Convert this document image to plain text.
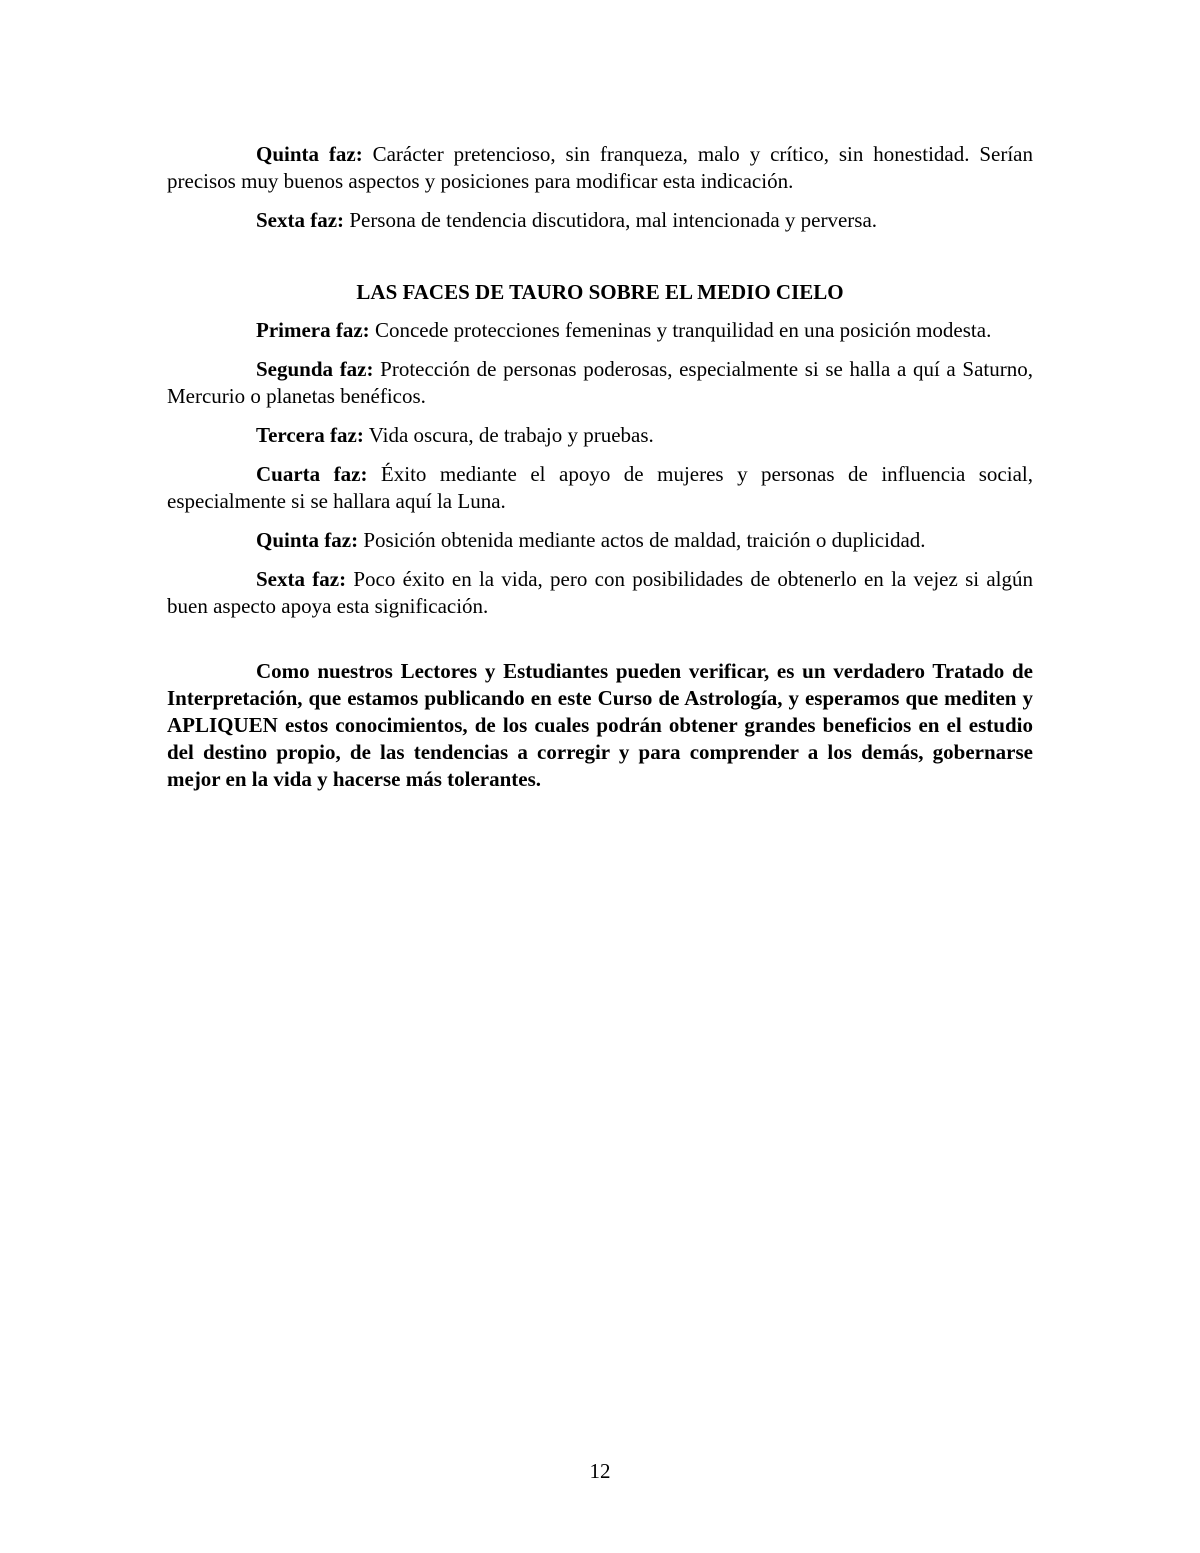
Quinta faz: Carácter pretencioso, sin franqueza, malo y crítico, sin honestidad. Serían precisos muy buenos aspectos y posiciones para modificar esta indicación.

Sexta faz: Persona de tendencia discutidora, mal intencionada y perversa.

LAS FACES DE TAURO SOBRE EL MEDIO CIELO

Primera faz: Concede protecciones femeninas y tranquilidad en una posición modesta.

Segunda faz: Protección de personas poderosas, especialmente si se halla a quí a Saturno, Mercurio o planetas benéficos.

Tercera faz: Vida oscura, de trabajo y pruebas.

Cuarta faz: Éxito mediante el apoyo de mujeres y personas de influencia social, especialmente si se hallara aquí la Luna.

Quinta faz: Posición obtenida mediante actos de maldad, traición o duplicidad.

Sexta faz: Poco éxito en la vida, pero con posibilidades de obtenerlo en la vejez si algún buen aspecto apoya esta significación.

Como nuestros Lectores y Estudiantes pueden verificar, es un verdadero Tratado de Interpretación, que estamos publicando en este Curso de Astrología, y esperamos que mediten y APLIQUEN estos conocimientos, de los cuales podrán obtener grandes beneficios en el estudio del destino propio, de las tendencias a corregir y para comprender a los demás, gobernarse mejor en la vida y hacerse más tolerantes.

12
